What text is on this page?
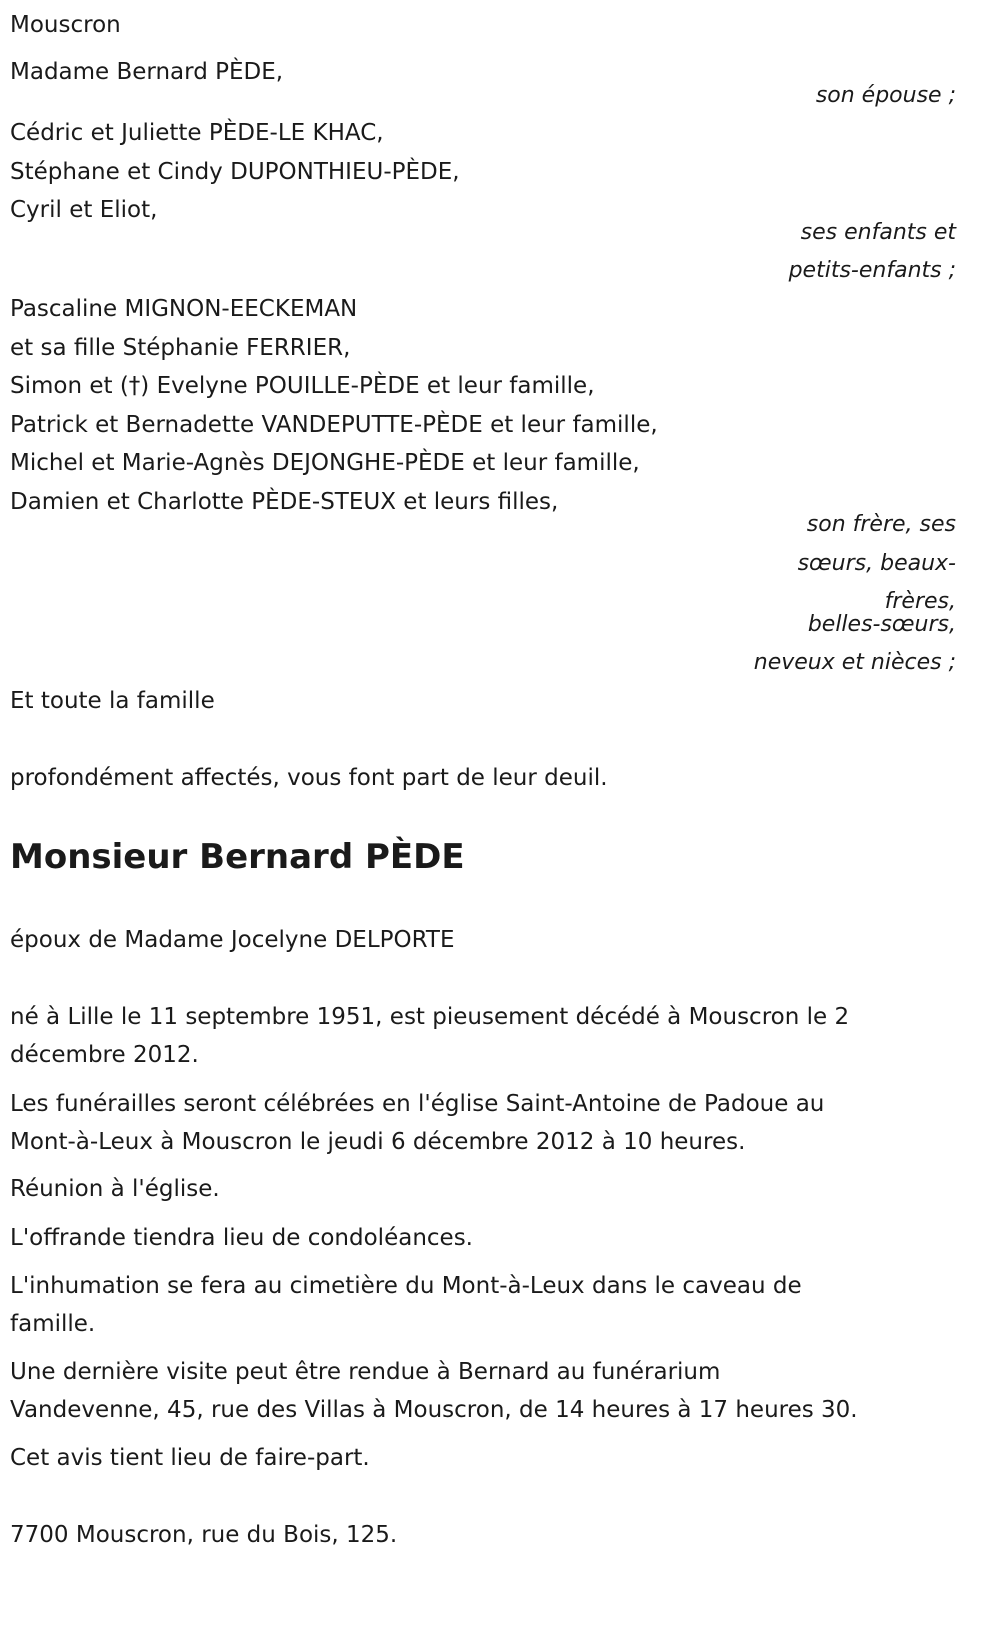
Mouscron
Madame Bernard PÈDE,
son épouse ;
Cédric et Juliette PÈDE-LE KHAC,
Stéphane et Cindy DUPONTHIEU-PÈDE,
Cyril et Eliot,
ses enfants et
petits-enfants ;
Pascaline MIGNON-EECKEMAN
et sa fille Stéphanie FERRIER,
Simon et (†) Evelyne POUILLE-PÈDE et leur famille,
Patrick et Bernadette VANDEPUTTE-PÈDE et leur famille,
Michel et Marie-Agnès DEJONGHE-PÈDE et leur famille,
Damien et Charlotte PÈDE-STEUX et leurs filles,
son frère, ses
sœurs, beaux-
frères,
belles-sœurs,
neveux et nièces ;
Et toute la famille
profondément affectés, vous font part de leur deuil.
Monsieur Bernard PÈDE
époux de Madame Jocelyne DELPORTE
né à Lille le 11 septembre 1951, est pieusement décédé à Mouscron le 2
décembre 2012.
Les funérailles seront célébrées en l'église Saint-Antoine de Padoue au
Mont-à-Leux à Mouscron le jeudi 6 décembre 2012 à 10 heures.
Réunion à l'église.
L'offrande tiendra lieu de condoléances.
L'inhumation se fera au cimetière du Mont-à-Leux dans le caveau de
famille.
Une dernière visite peut être rendue à Bernard au funérarium
Vandevenne, 45, rue des Villas à Mouscron, de 14 heures à 17 heures 30.
Cet avis tient lieu de faire-part.
7700 Mouscron, rue du Bois, 125.
